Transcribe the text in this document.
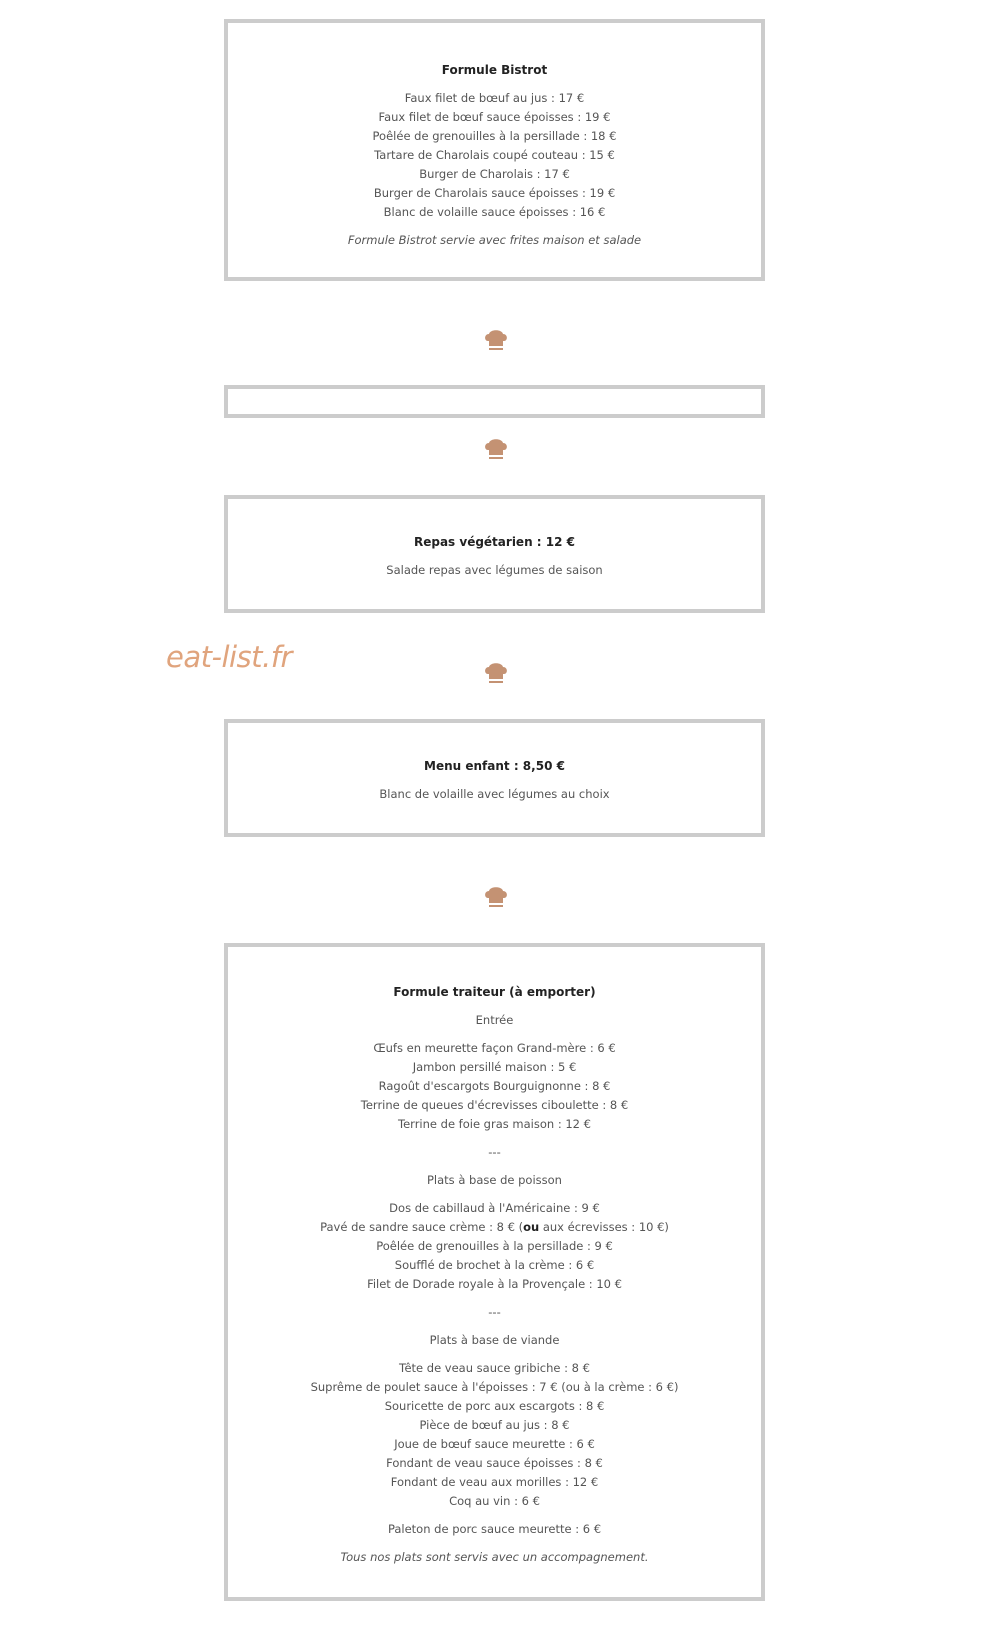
Formule Bistrot
Faux filet de bœuf au jus : 17 €
Faux filet de bœuf sauce époisses : 19 €
Poêlée de grenouilles à la persillade : 18 €
Tartare de Charolais coupé couteau : 15 €
Burger de Charolais : 17 €
Burger de Charolais sauce époisses : 19 €
Blanc de volaille sauce époisses : 16 €
Formule Bistrot servie avec frites maison et salade
Repas végétarien : 12 €
Salade repas avec légumes de saison
eat-list.fr
Menu enfant : 8,50 €
Blanc de volaille avec légumes au choix
Formule traiteur (à emporter)
Entrée
Œufs en meurette façon Grand-mère : 6 €
Jambon persillé maison : 5 €
Ragoût d'escargots Bourguignonne : 8 €
Terrine de queues d'écrevisses ciboulette : 8 €
Terrine de foie gras maison : 12 €
---
Plats à base de poisson
Dos de cabillaud à l'Américaine : 9 €
Pavé de sandre sauce crème : 8 € (ou aux écrevisses : 10 €)
Poêlée de grenouilles à la persillade : 9 €
Soufflé de brochet à la crème : 6 €
Filet de Dorade royale à la Provençale : 10 €
---
Plats à base de viande
Tête de veau sauce gribiche : 8 €
Suprême de poulet sauce à l'époisses : 7 € (ou à la crème : 6 €)
Souricette de porc aux escargots : 8 €
Pièce de bœuf au jus : 8 €
Joue de bœuf sauce meurette : 6 €
Fondant de veau sauce époisses : 8 €
Fondant de veau aux morilles : 12 €
Coq au vin : 6 €
Paleton de porc sauce meurette : 6 €
Tous nos plats sont servis avec un accompagnement.
